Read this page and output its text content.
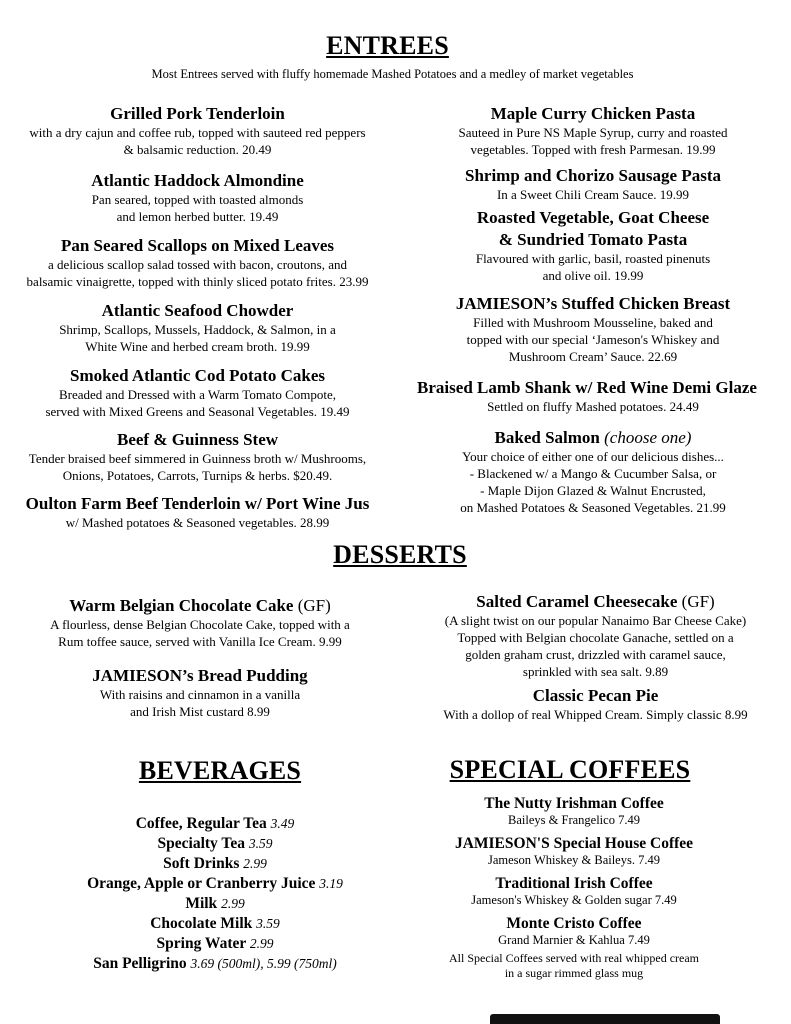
ENTREES
Most Entrees served with fluffy homemade Mashed Potatoes and a medley of market vegetables
Grilled Pork Tenderloin
with a dry cajun and coffee rub, topped with sauteed red peppers
& balsamic reduction. 20.49
Atlantic Haddock Almondine
Pan seared, topped with toasted almonds
and lemon herbed butter. 19.49
Pan Seared Scallops on Mixed Leaves
a delicious scallop salad tossed with bacon, croutons, and
balsamic vinaigrette, topped with thinly sliced potato frites. 23.99
Atlantic Seafood Chowder
Shrimp, Scallops, Mussels, Haddock, & Salmon, in a
White Wine and herbed cream broth. 19.99
Smoked Atlantic Cod Potato Cakes
Breaded and Dressed with a Warm Tomato Compote,
served with Mixed Greens and Seasonal Vegetables. 19.49
Beef & Guinness Stew
Tender braised beef simmered in Guinness broth w/ Mushrooms,
Onions, Potatoes, Carrots, Turnips & herbs. $20.49.
Oulton Farm Beef Tenderloin w/ Port Wine Jus
w/ Mashed potatoes & Seasoned vegetables. 28.99
Maple Curry Chicken Pasta
Sauteed in Pure NS Maple Syrup, curry and roasted
vegetables. Topped with fresh Parmesan. 19.99
Shrimp and Chorizo Sausage Pasta
In a Sweet Chili Cream Sauce. 19.99
Roasted Vegetable, Goat Cheese
& Sundried Tomato Pasta
Flavoured with garlic, basil, roasted pinenuts
and olive oil. 19.99
JAMIESON’s Stuffed Chicken Breast
Filled with Mushroom Mousseline, baked and
topped with our special ‘Jameson's Whiskey and
Mushroom Cream’ Sauce. 22.69
Braised Lamb Shank w/ Red Wine Demi Glaze
Settled on fluffy Mashed potatoes. 24.49
Baked Salmon (choose one)
Your choice of either one of our delicious dishes...
- Blackened w/ a Mango & Cucumber Salsa, or
- Maple Dijon Glazed & Walnut Encrusted,
on Mashed Potatoes & Seasoned Vegetables. 21.99
DESSERTS
Warm Belgian Chocolate Cake (GF)
A flourless, dense Belgian Chocolate Cake, topped with a
Rum toffee sauce, served with Vanilla Ice Cream. 9.99
JAMIESON’s Bread Pudding
With raisins and cinnamon in a vanilla
and Irish Mist custard 8.99
Salted Caramel Cheesecake (GF)
(A slight twist on our popular Nanaimo Bar Cheese Cake)
Topped with Belgian chocolate Ganache, settled on a
golden graham crust, drizzled with caramel sauce,
sprinkled with sea salt. 9.89
Classic Pecan Pie
With a dollop of real Whipped Cream. Simply classic 8.99
BEVERAGES
Coffee, Regular Tea 3.49
Specialty Tea 3.59
Soft Drinks 2.99
Orange, Apple or Cranberry Juice 3.19
Milk 2.99
Chocolate Milk 3.59
Spring Water 2.99
San Pelligrino 3.69 (500ml), 5.99 (750ml)
SPECIAL COFFEES
The Nutty Irishman Coffee
Baileys & Frangelico 7.49
JAMIESON'S Special House Coffee
Jameson Whiskey & Baileys. 7.49
Traditional Irish Coffee
Jameson's Whiskey & Golden sugar 7.49
Monte Cristo Coffee
Grand Marnier & Kahlua 7.49
All Special Coffees served with real whipped cream
in a sugar rimmed glass mug
